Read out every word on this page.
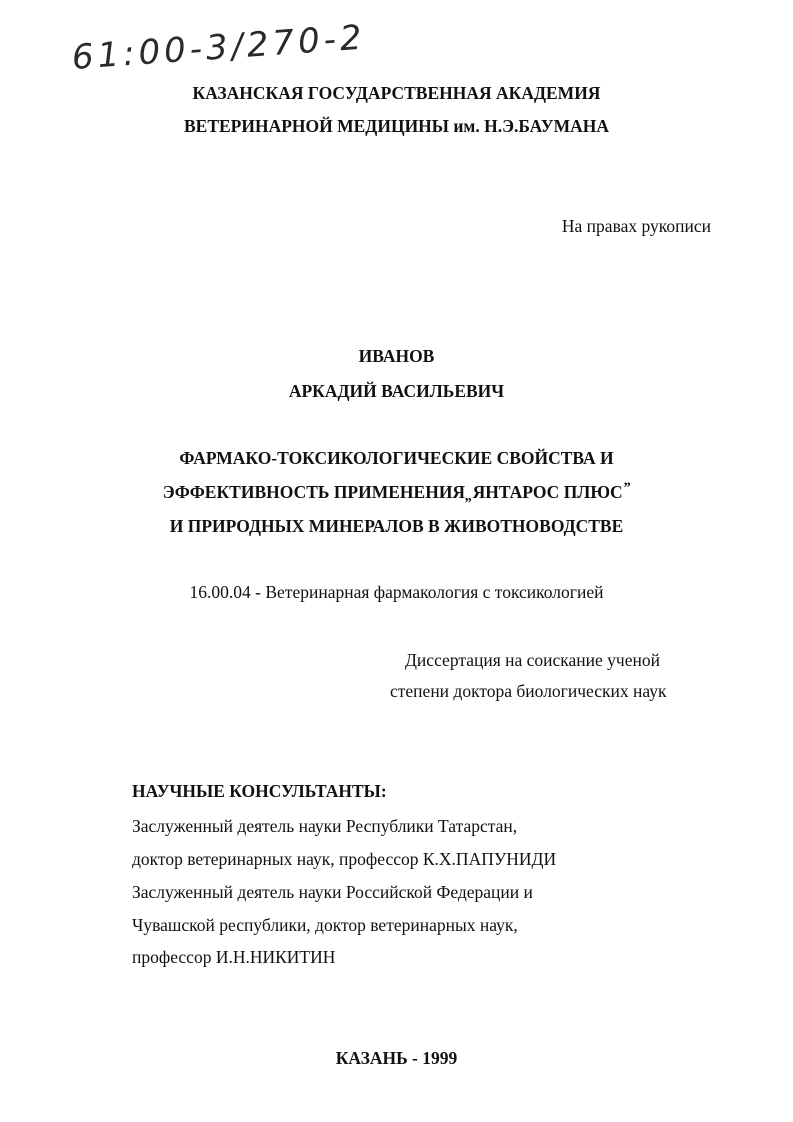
61:00-3/270-2
КАЗАНСКАЯ ГОСУДАРСТВЕННАЯ АКАДЕМИЯ
ВЕТЕРИНАРНОЙ МЕДИЦИНЫ им. Н.Э.БАУМАНА
На правах рукописи
ИВАНОВ
АРКАДИЙ ВАСИЛЬЕВИЧ
ФАРМАКО-ТОКСИКОЛОГИЧЕСКИЕ СВОЙСТВА И
ЭФФЕКТИВНОСТЬ ПРИМЕНЕНИЯ„ЯНТАРОС ПЛЮС”
И ПРИРОДНЫХ МИНЕРАЛОВ В ЖИВОТНОВОДСТВЕ
16.00.04 - Ветеринарная фармакология с токсикологией
Диссертация на соискание ученой
степени доктора биологических наук
НАУЧНЫЕ КОНСУЛЬТАНТЫ:
Заслуженный деятель науки Республики Татарстан,
доктор ветеринарных наук, профессор К.Х.ПАПУНИДИ
Заслуженный деятель науки Российской Федерации и
Чувашской республики, доктор ветеринарных наук,
профессор И.Н.НИКИТИН
КАЗАНЬ - 1999
